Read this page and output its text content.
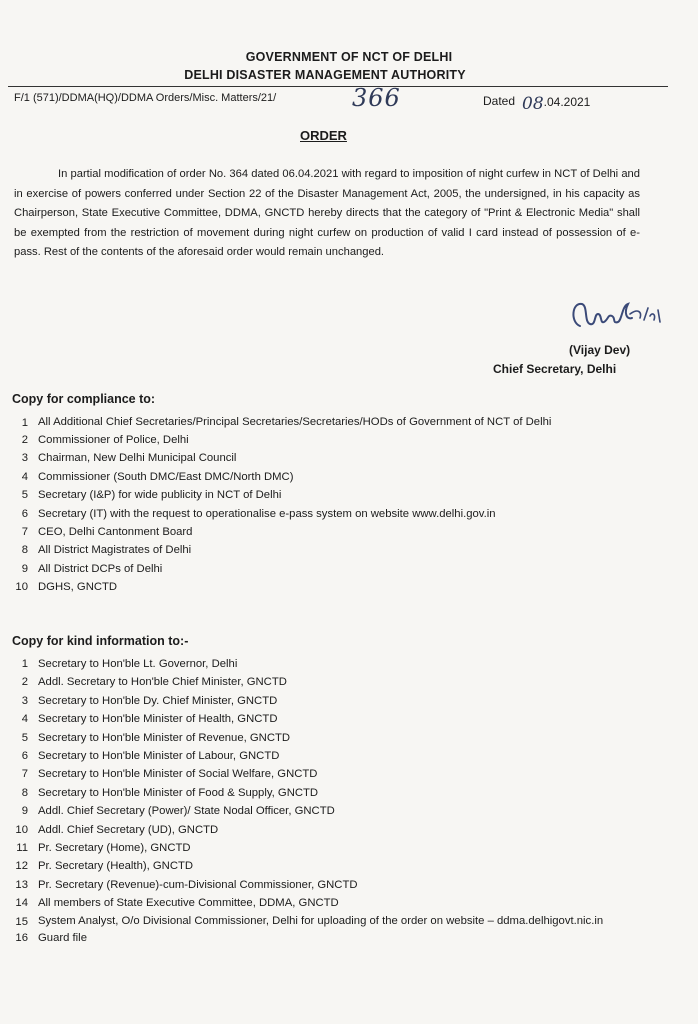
GOVERNMENT OF NCT OF DELHI
DELHI DISASTER MANAGEMENT AUTHORITY
F/1 (571)/DDMA(HQ)/DDMA Orders/Misc. Matters/21/	366	Dated 08.04.2021
ORDER

In partial modification of order No. 364 dated 06.04.2021 with regard to imposition of night curfew in NCT of Delhi and in exercise of powers conferred under Section 22 of the Disaster Management Act, 2005, the undersigned, in his capacity as Chairperson, State Executive Committee, DDMA, GNCTD hereby directs that the category of "Print & Electronic Media" shall be exempted from the restriction of movement during night curfew on production of valid I card instead of possession of e-pass. Rest of the contents of the aforesaid order would remain unchanged.

(Vijay Dev)
Chief Secretary, Delhi
Copy for compliance to:
1 All Additional Chief Secretaries/Principal Secretaries/Secretaries/HODs of Government of NCT of Delhi
2 Commissioner of Police, Delhi
3 Chairman, New Delhi Municipal Council
4 Commissioner (South DMC/East DMC/North DMC)
5 Secretary (I&P) for wide publicity in NCT of Delhi
6 Secretary (IT) with the request to operationalise e-pass system on website www.delhi.gov.in
7 CEO, Delhi Cantonment Board
8 All District Magistrates of Delhi
9 All District DCPs of Delhi
10 DGHS, GNCTD
Copy for kind information to:-
1 Secretary to Hon'ble Lt. Governor, Delhi
2 Addl. Secretary to Hon'ble Chief Minister, GNCTD
3 Secretary to Hon'ble Dy. Chief Minister, GNCTD
4 Secretary to Hon'ble Minister of Health, GNCTD
5 Secretary to Hon'ble Minister of Revenue, GNCTD
6 Secretary to Hon'ble Minister of Labour, GNCTD
7 Secretary to Hon'ble Minister of Social Welfare, GNCTD
8 Secretary to Hon'ble Minister of Food & Supply, GNCTD
9 Addl. Chief Secretary (Power)/ State Nodal Officer, GNCTD
10 Addl. Chief Secretary (UD), GNCTD
11 Pr. Secretary (Home), GNCTD
12 Pr. Secretary (Health), GNCTD
13 Pr. Secretary (Revenue)-cum-Divisional Commissioner, GNCTD
14 All members of State Executive Committee, DDMA, GNCTD
15 System Analyst, O/o Divisional Commissioner, Delhi for uploading of the order on website – ddma.delhigovt.nic.in
16 Guard file
